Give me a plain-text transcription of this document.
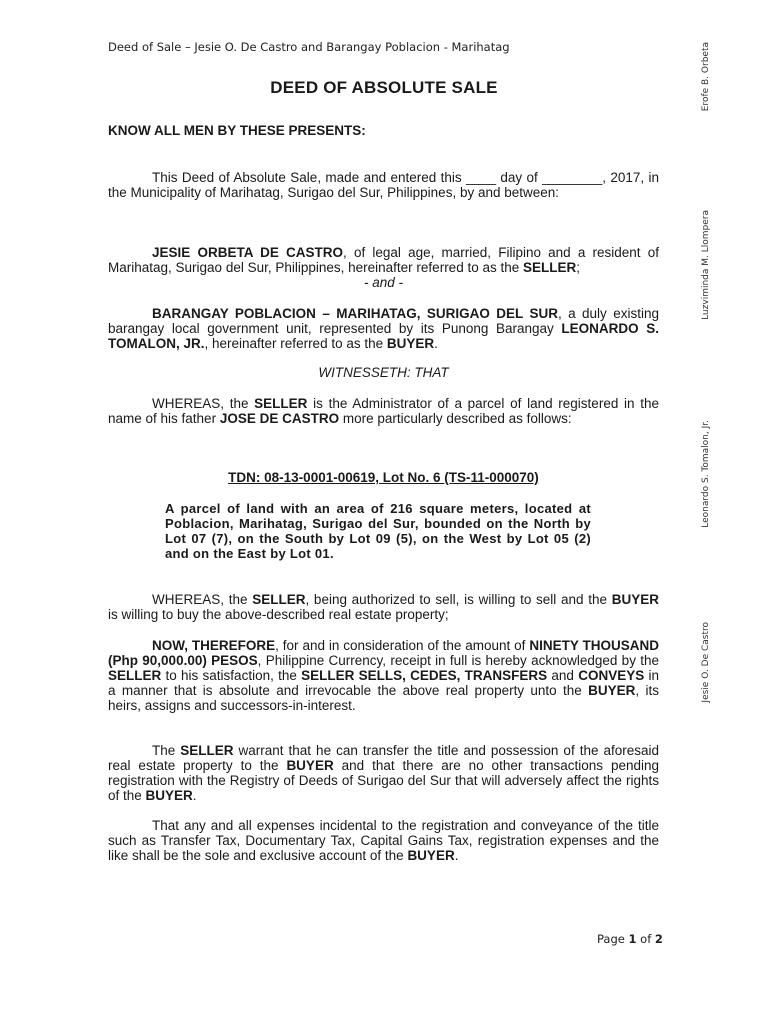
Deed of Sale – Jesie O. De Castro and Barangay Poblacion - Marihatag
DEED OF ABSOLUTE SALE
KNOW ALL MEN BY THESE PRESENTS:
This Deed of Absolute Sale, made and entered this ____ day of ________, 2017, in the Municipality of Marihatag, Surigao del Sur, Philippines, by and between:
JESIE ORBETA DE CASTRO, of legal age, married, Filipino and a resident of Marihatag, Surigao del Sur, Philippines, hereinafter referred to as the SELLER;
- and -
BARANGAY POBLACION – MARIHATAG, SURIGAO DEL SUR, a duly existing barangay local government unit, represented by its Punong Barangay LEONARDO S. TOMALON, JR., hereinafter referred to as the BUYER.
WITNESSETH: THAT
WHEREAS, the SELLER is the Administrator of a parcel of land registered in the name of his father JOSE DE CASTRO more particularly described as follows:
TDN: 08-13-0001-00619, Lot No. 6 (TS-11-000070)
A parcel of land with an area of 216 square meters, located at Poblacion, Marihatag, Surigao del Sur, bounded on the North by Lot 07 (7), on the South by Lot 09 (5), on the West by Lot 05 (2) and on the East by Lot 01.
WHEREAS, the SELLER, being authorized to sell, is willing to sell and the BUYER is willing to buy the above-described real estate property;
NOW, THEREFORE, for and in consideration of the amount of NINETY THOUSAND (Php 90,000.00) PESOS, Philippine Currency, receipt in full is hereby acknowledged by the SELLER to his satisfaction, the SELLER SELLS, CEDES, TRANSFERS and CONVEYS in a manner that is absolute and irrevocable the above real property unto the BUYER, its heirs, assigns and successors-in-interest.
The SELLER warrant that he can transfer the title and possession of the aforesaid real estate property to the BUYER and that there are no other transactions pending registration with the Registry of Deeds of Surigao del Sur that will adversely affect the rights of the BUYER.
That any and all expenses incidental to the registration and conveyance of the title such as Transfer Tax, Documentary Tax, Capital Gains Tax, registration expenses and the like shall be the sole and exclusive account of the BUYER.
Erofe B. Orbeta
Luzviminda M. Llompera
Leonardo S. Tomalon, Jr.
Jesie O. De Castro
Page 1 of 2
